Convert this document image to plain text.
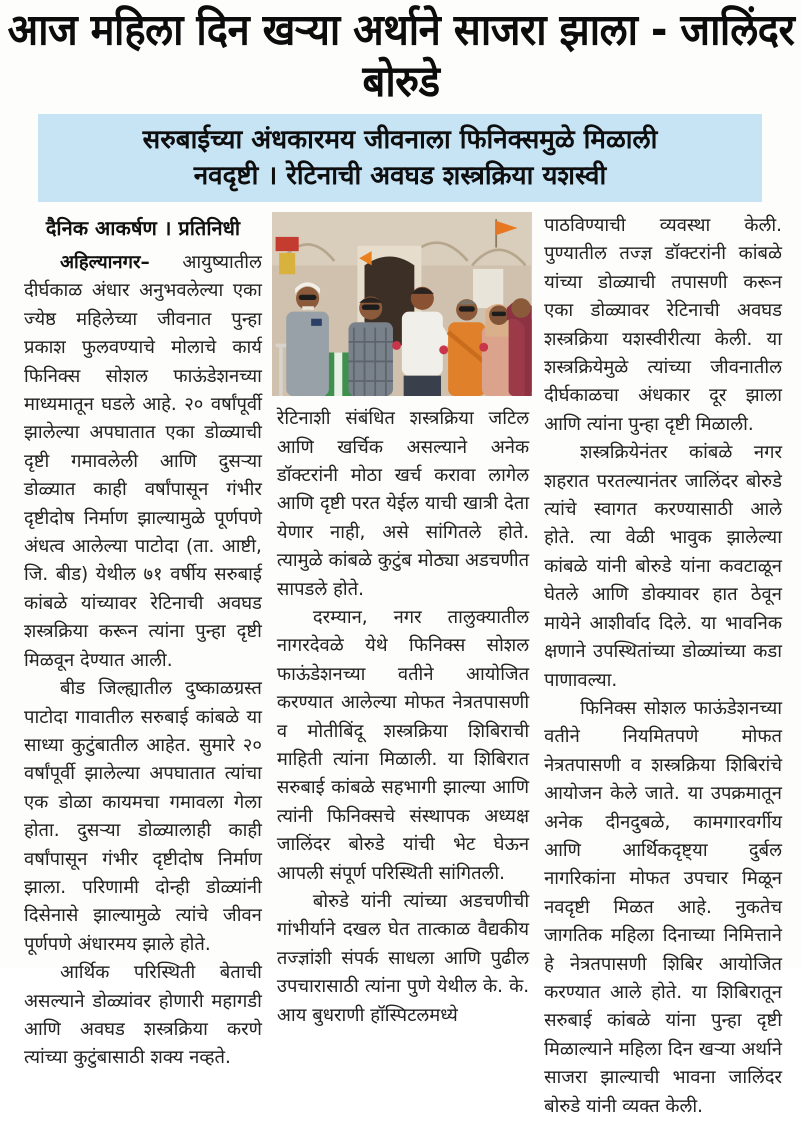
आज महिला दिन खऱ्या अर्थाने साजरा झाला - जालिंदर बोरुडे
सरुबाईच्या अंधकारमय जीवनाला फिनिक्समुळे मिळाली
नवदृष्टी । रेटिनाची अवघड शस्त्रक्रिया यशस्वी
दैनिक आकर्षण । प्रतिनिधी

अहिल्यानगर– आयुष्यातील दीर्घकाळ अंधार अनुभवलेल्या एका ज्येष्ठ महिलेच्या जीवनात पुन्हा प्रकाश फुलवण्याचे मोलाचे कार्य फिनिक्स सोशल फाऊंडेशनच्या माध्यमातून घडले आहे. २० वर्षांपूर्वी झालेल्या अपघातात एका डोळ्याची दृष्टी गमावलेली आणि दुसऱ्या डोळ्यात काही वर्षांपासून गंभीर दृष्टीदोष निर्माण झाल्यामुळे पूर्णपणे अंधत्व आलेल्या पाटोदा (ता. आष्टी, जि. बीड) येथील ७१ वर्षीय सरुबाई कांबळे यांच्यावर रेटिनाची अवघड शस्त्रक्रिया करून त्यांना पुन्हा दृष्टी मिळवून देण्यात आली.

बीड जिल्ह्यातील दुष्काळग्रस्त पाटोदा गावातील सरुबाई कांबळे या साध्या कुटुंबातील आहेत. सुमारे २० वर्षांपूर्वी झालेल्या अपघातात त्यांचा एक डोळा कायमचा गमावला गेला होता. दुसऱ्या डोळ्यालाही काही वर्षांपासून गंभीर दृष्टीदोष निर्माण झाला. परिणामी दोन्ही डोळ्यांनी दिसेनासे झाल्यामुळे त्यांचे जीवन पूर्णपणे अंधारमय झाले होते.

आर्थिक परिस्थिती बेताची असल्याने डोळ्यांवर होणारी महागडी आणि अवघड शस्त्रक्रिया करणे त्यांच्या कुटुंबासाठी शक्य नव्हते.

रेटिनाशी संबंधित शस्त्रक्रिया जटिल आणि खर्चिक असल्याने अनेक डॉक्टरांनी मोठा खर्च करावा लागेल आणि दृष्टी परत येईल याची खात्री देता येणार नाही, असे सांगितले होते. त्यामुळे कांबळे कुटुंब मोठ्या अडचणीत सापडले होते.

दरम्यान, नगर तालुक्यातील नागरदेवळे येथे फिनिक्स सोशल फाऊंडेशनच्या वतीने आयोजित करण्यात आलेल्या मोफत नेत्रतपासणी व मोतीबिंदू शस्त्रक्रिया शिबिराची माहिती त्यांना मिळाली. या शिबिरात सरुबाई कांबळे सहभागी झाल्या आणि त्यांनी फिनिक्सचे संस्थापक अध्यक्ष जालिंदर बोरुडे यांची भेट घेऊन आपली संपूर्ण परिस्थिती सांगितली.

बोरुडे यांनी त्यांच्या अडचणीची गांभीर्याने दखल घेत तात्काळ वैद्यकीय तज्ज्ञांशी संपर्क साधला आणि पुढील उपचारासाठी त्यांना पुणे येथील के. के. आय बुधराणी हॉस्पिटलमध्ये

पाठविण्याची व्यवस्था केली. पुण्यातील तज्ज्ञ डॉक्टरांनी कांबळे यांच्या डोळ्याची तपासणी करून एका डोळ्यावर रेटिनाची अवघड शस्त्रक्रिया यशस्वीरीत्या केली. या शस्त्रक्रियेमुळे त्यांच्या जीवनातील दीर्घकाळचा अंधकार दूर झाला आणि त्यांना पुन्हा दृष्टी मिळाली.

शस्त्रक्रियेनंतर कांबळे नगर शहरात परतल्यानंतर जालिंदर बोरुडे त्यांचे स्वागत करण्यासाठी आले होते. त्या वेळी भावुक झालेल्या कांबळे यांनी बोरुडे यांना कवटाळून घेतले आणि डोक्यावर हात ठेवून मायेने आशीर्वाद दिले. या भावनिक क्षणाने उपस्थितांच्या डोळ्यांच्या कडा पाणावल्या.

फिनिक्स सोशल फाऊंडेशनच्या वतीने नियमितपणे मोफत नेत्रतपासणी व शस्त्रक्रिया शिबिरांचे आयोजन केले जाते. या उपक्रमातून अनेक दीनदुबळे, कामगारवर्गीय आणि आर्थिकदृष्ट्या दुर्बल नागरिकांना मोफत उपचार मिळून नवदृष्टी मिळत आहे. नुकतेच जागतिक महिला दिनाच्या निमित्ताने हे नेत्रतपासणी शिबिर आयोजित करण्यात आले होते. या शिबिरातून सरुबाई कांबळे यांना पुन्हा दृष्टी मिळाल्याने महिला दिन खऱ्या अर्थाने साजरा झाल्याची भावना जालिंदर बोरुडे यांनी व्यक्त केली.
